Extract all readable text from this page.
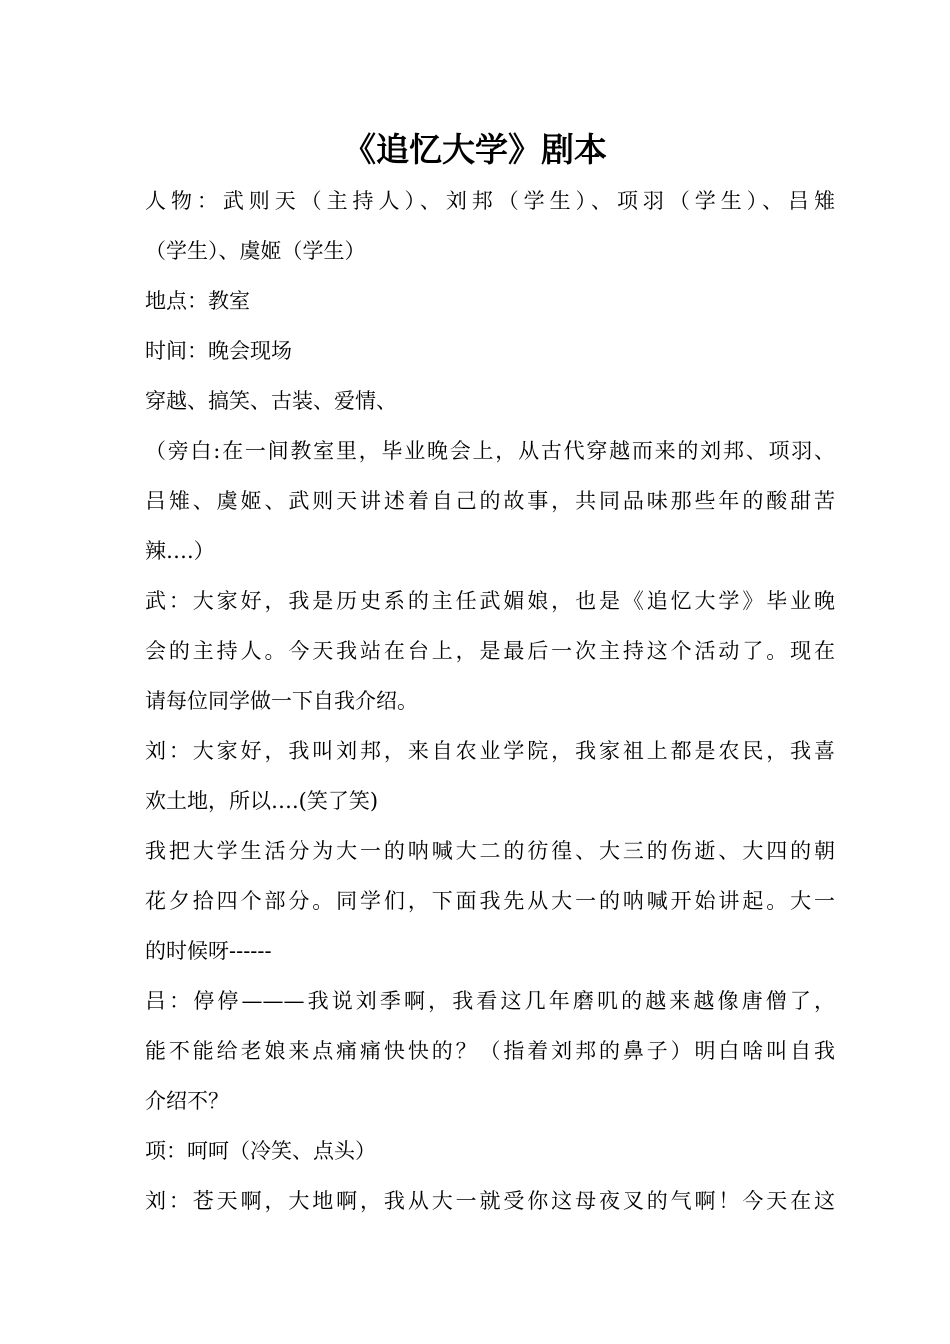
《追忆大学》剧本
人物：武则天（主持人）、刘邦（学生）、项羽（学生）、吕雉
（学生）、虞姬（学生）
地点：教室
时间：晚会现场
穿越、搞笑、古装、爱情、
（旁白:在一间教室里，毕业晚会上，从古代穿越而来的刘邦、项羽、
吕雉、虞姬、武则天讲述着自己的故事，共同品味那些年的酸甜苦
辣….）
武：大家好，我是历史系的主任武媚娘，也是《追忆大学》毕业晚
会的主持人。今天我站在台上，是最后一次主持这个活动了。现在
请每位同学做一下自我介绍。
刘：大家好，我叫刘邦，来自农业学院，我家祖上都是农民，我喜
欢土地，所以….(笑了笑)
我把大学生活分为大一的呐喊大二的彷徨、大三的伤逝、大四的朝
花夕拾四个部分。同学们，下面我先从大一的呐喊开始讲起。大一
的时候呀------
吕：停停———我说刘季啊，我看这几年磨叽的越来越像唐僧了，
能不能给老娘来点痛痛快快的？（指着刘邦的鼻子）明白啥叫自我
介绍不？
项：呵呵（冷笑、点头）
刘：苍天啊，大地啊，我从大一就受你这母夜叉的气啊！今天在这
